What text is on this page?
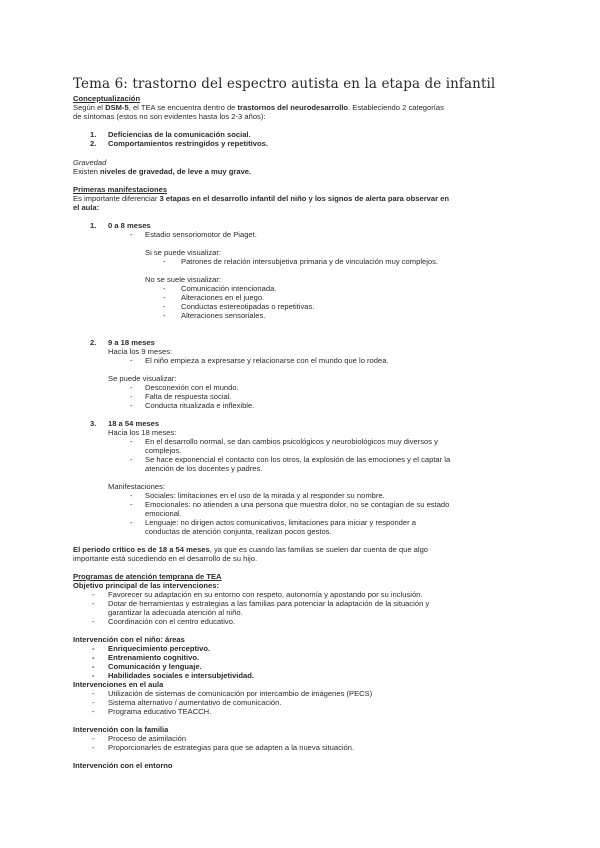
Tema 6: trastorno del espectro autista en la etapa de infantil
Conceptualización
Según el DSM-5, el TEA se encuentra dentro de trastornos del neurodesarrollo. Estableciendo 2 categorías
de síntomas (estos no son evidentes hasta los 2-3 años):
1. Deficiencias de la comunicación social.
2. Comportamientos restringidos y repetitivos.
Gravedad
Existen niveles de gravedad, de leve a muy grave.
Primeras manifestaciones
Es importante diferenciar 3 etapas en el desarrollo infantil del niño y los signos de alerta para observar en
el aula:
1. 0 a 8 meses
- Estadio sensoriomotor de Piaget.
Si se puede visualizar:
- Patrones de relación intersubjetiva primaria y de vinculación muy complejos.
No se suele visualizar:
- Comunicación intencionada.
- Alteraciones en el juego.
- Conductas estereotipadas o repetitivas.
- Alteraciones sensoriales.
2. 9 a 18 meses
Hacia los 9 meses:
- El niño empieza a expresarse y relacionarse con el mundo que lo rodea.
Se puede visualizar:
- Desconexión con el mundo.
- Falta de respuesta social.
- Conducta ritualizada e inflexible.
3. 18 a 54 meses
Hacia los 18 meses:
- En el desarrollo normal, se dan cambios psicológicos y neurobiológicos muy diversos y
complejos.
- Se hace exponencial el contacto con los otros, la explosión de las emociones y el captar la
atención de los docentes y padres.
Manifestaciones:
- Sociales: limitaciones en el uso de la mirada y al responder su nombre.
- Emocionales: no atienden a una persona que muestra dolor, no se contagian de su estado
emocional.
- Lenguaje: no dirigen actos comunicativos, limitaciones para iniciar y responder a
conductas de atención conjunta, realizan pocos gestos.
El periodo crítico es de 18 a 54 meses, ya que es cuando las familias se suelen dar cuenta de que algo
importante está sucediendo en el desarrollo de su hijo.
Programas de atención temprana de TEA
Objetivo principal de las intervenciones:
- Favorecer su adaptación en su entorno con respeto, autonomía y apostando por su inclusión.
- Dotar de herramientas y estrategias a las familias para potenciar la adaptación de la situación y
garantizar la adecuada atención al niño.
- Coordinación con el centro educativo.
Intervención con el niño: áreas
- Enriquecimiento perceptivo.
- Entrenamiento cognitivo.
- Comunicación y lenguaje.
- Habilidades sociales e intersubjetividad.
Intervenciones en el aula
- Utilización de sistemas de comunicación por intercambio de imágenes (PECS)
- Sistema alternativo / aumentativo de comunicación.
- Programa educativo TEACCH.
Intervención con la familia
- Proceso de asimilación
- Proporcionarles de estrategias para que se adapten a la nueva situación.
Intervención con el entorno
